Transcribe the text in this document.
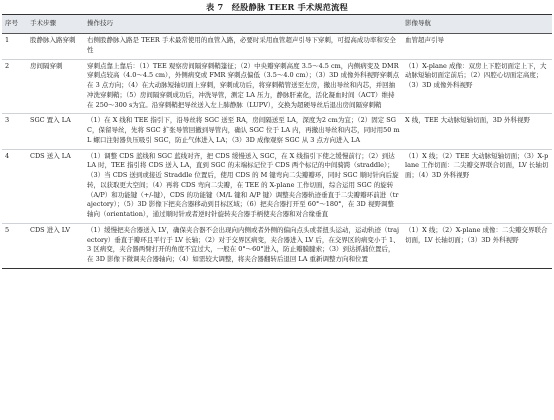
表 7　经股静脉 TEER 手术规范流程
序号	手术步骤	操作技巧	影像导航
1	股静脉入路穿刺	右侧股静脉入路是 TEER 手术最常使用的血管入路，必要时采用血管超声引导下穿刺，可提高成功率和安全性	血管超声引导
2	房间隔穿刺	穿刺点靠上靠后：（1）TEE 观察房间隔穿刺鞘篷征；（2）中央瓣穿刺高度 3.5～4.5 cm，内侧病变及 DMR 穿刺点较高（4.0～4.5 cm），外侧病变或 FMR 穿刺点偏低（3.5～4.0 cm）；（3）3D 成像外科视野穿刺点在 3 点方向；（4）在大动脉短轴切面上穿刺，穿刺成功后，将穿刺鞘管送至左房，撤出导丝和内芯，并回抽冲洗穿刺鞘；（5）房间隔穿刺成功后，冲洗导管，测定 LA 压力，静脉肝素化，活化凝血时间（ACT）维持在 250～300 s为宜。沿穿刺鞘把导丝送入左上肺静脉（LUPV），交换为超硬导丝后退出房间隔穿刺鞘	（1）X-plane 成像：双房上下腔切面定上下，大动脉短轴切面定前后；（2）四腔心切面定高度；（3）3D 成像外科视野
3	SGC 置入 LA	（1）在 X 线和 TEE 指引下，沿导丝将 SGC 送至 RA，房间隔送至 LA，深度为2 cm为宜；（2）固定 SGC，保留导丝，先将 SGC 扩张导管回撤到导管内，确认 SGC 位于 LA 内，再撤出导丝和内芯，同时用50 mL 螺口注射器负压吸引 SGC，防止气体进入 LA；（3）3D 成像观察 SGC 从 3 点方向进入 LA	X 线，TEE 大动脉短轴切面，3D 外科视野
4	CDS 送入 LA	（1）调整 CDS 蓝线和 SGC 蓝线对齐，把 CDS 缓慢送入 SGC，在 X 线指引下使之缓慢前行；（2）到达 LA 时，TEE 指引将 CDS 送入 LA，直到 SGC 的末端标记位于 CDS 两个标记的中间骑跨（straddle）；（3）当 CDS 送到或接近 Straddle 位置后，使用 CDS 的 M 键弯向二尖瓣瓣环，同时 SGC 顺时针向后旋转，以获取更大空间；（4）再将 CDS 弯向二尖瓣，在 TEE 的 X-plane 工作切面，综合运用 SGC 的旋转（A/P）和功能键（+/-键），CDS 的功能键（M/L 键和 A/P 键）调整夹合器轨迹垂直于二尖瓣瓣环前进（trajectory）；（5）3D 影像下把夹合器移动到目标区域；（6）把夹合器打开至 60°～180°，在 3D 视野调整轴向（orientation），通过顺时针或者逆时针旋转夹合器手柄使夹合器和对合缘垂直	（1）X 线；（2）TEE 大动脉短轴切面；（3）X-plane 工作切面：二尖瓣交界联合切面，LV 长轴切面；（4）3D 外科视野
5	CDS 进入 LV	（1）缓慢把夹合器送入 LV，确保夹合器不会出现向内侧或者外侧的偏向点头或者扭头运动，运动轨迹（trajectory）垂直于瓣环且平行于 LV 长轴；（2）对于交界区病变，夹合器进入 LV 后，在交界区的病变小于 1、3 区病变，夹合器两臂打开的角度不宜过大，一般在 0°～60°进入，防止瓣膜腱索；（3）到达抓捕位置后，在 3D 影像下微调夹合器轴向；（4）如需较大调整，将夹合器翻转后退回 LA 重新调整方向和位置	（1）X 线；（2）X-plane 成像：二尖瓣交界联合切面，LV 长轴切面；（3）3D 外科视野
